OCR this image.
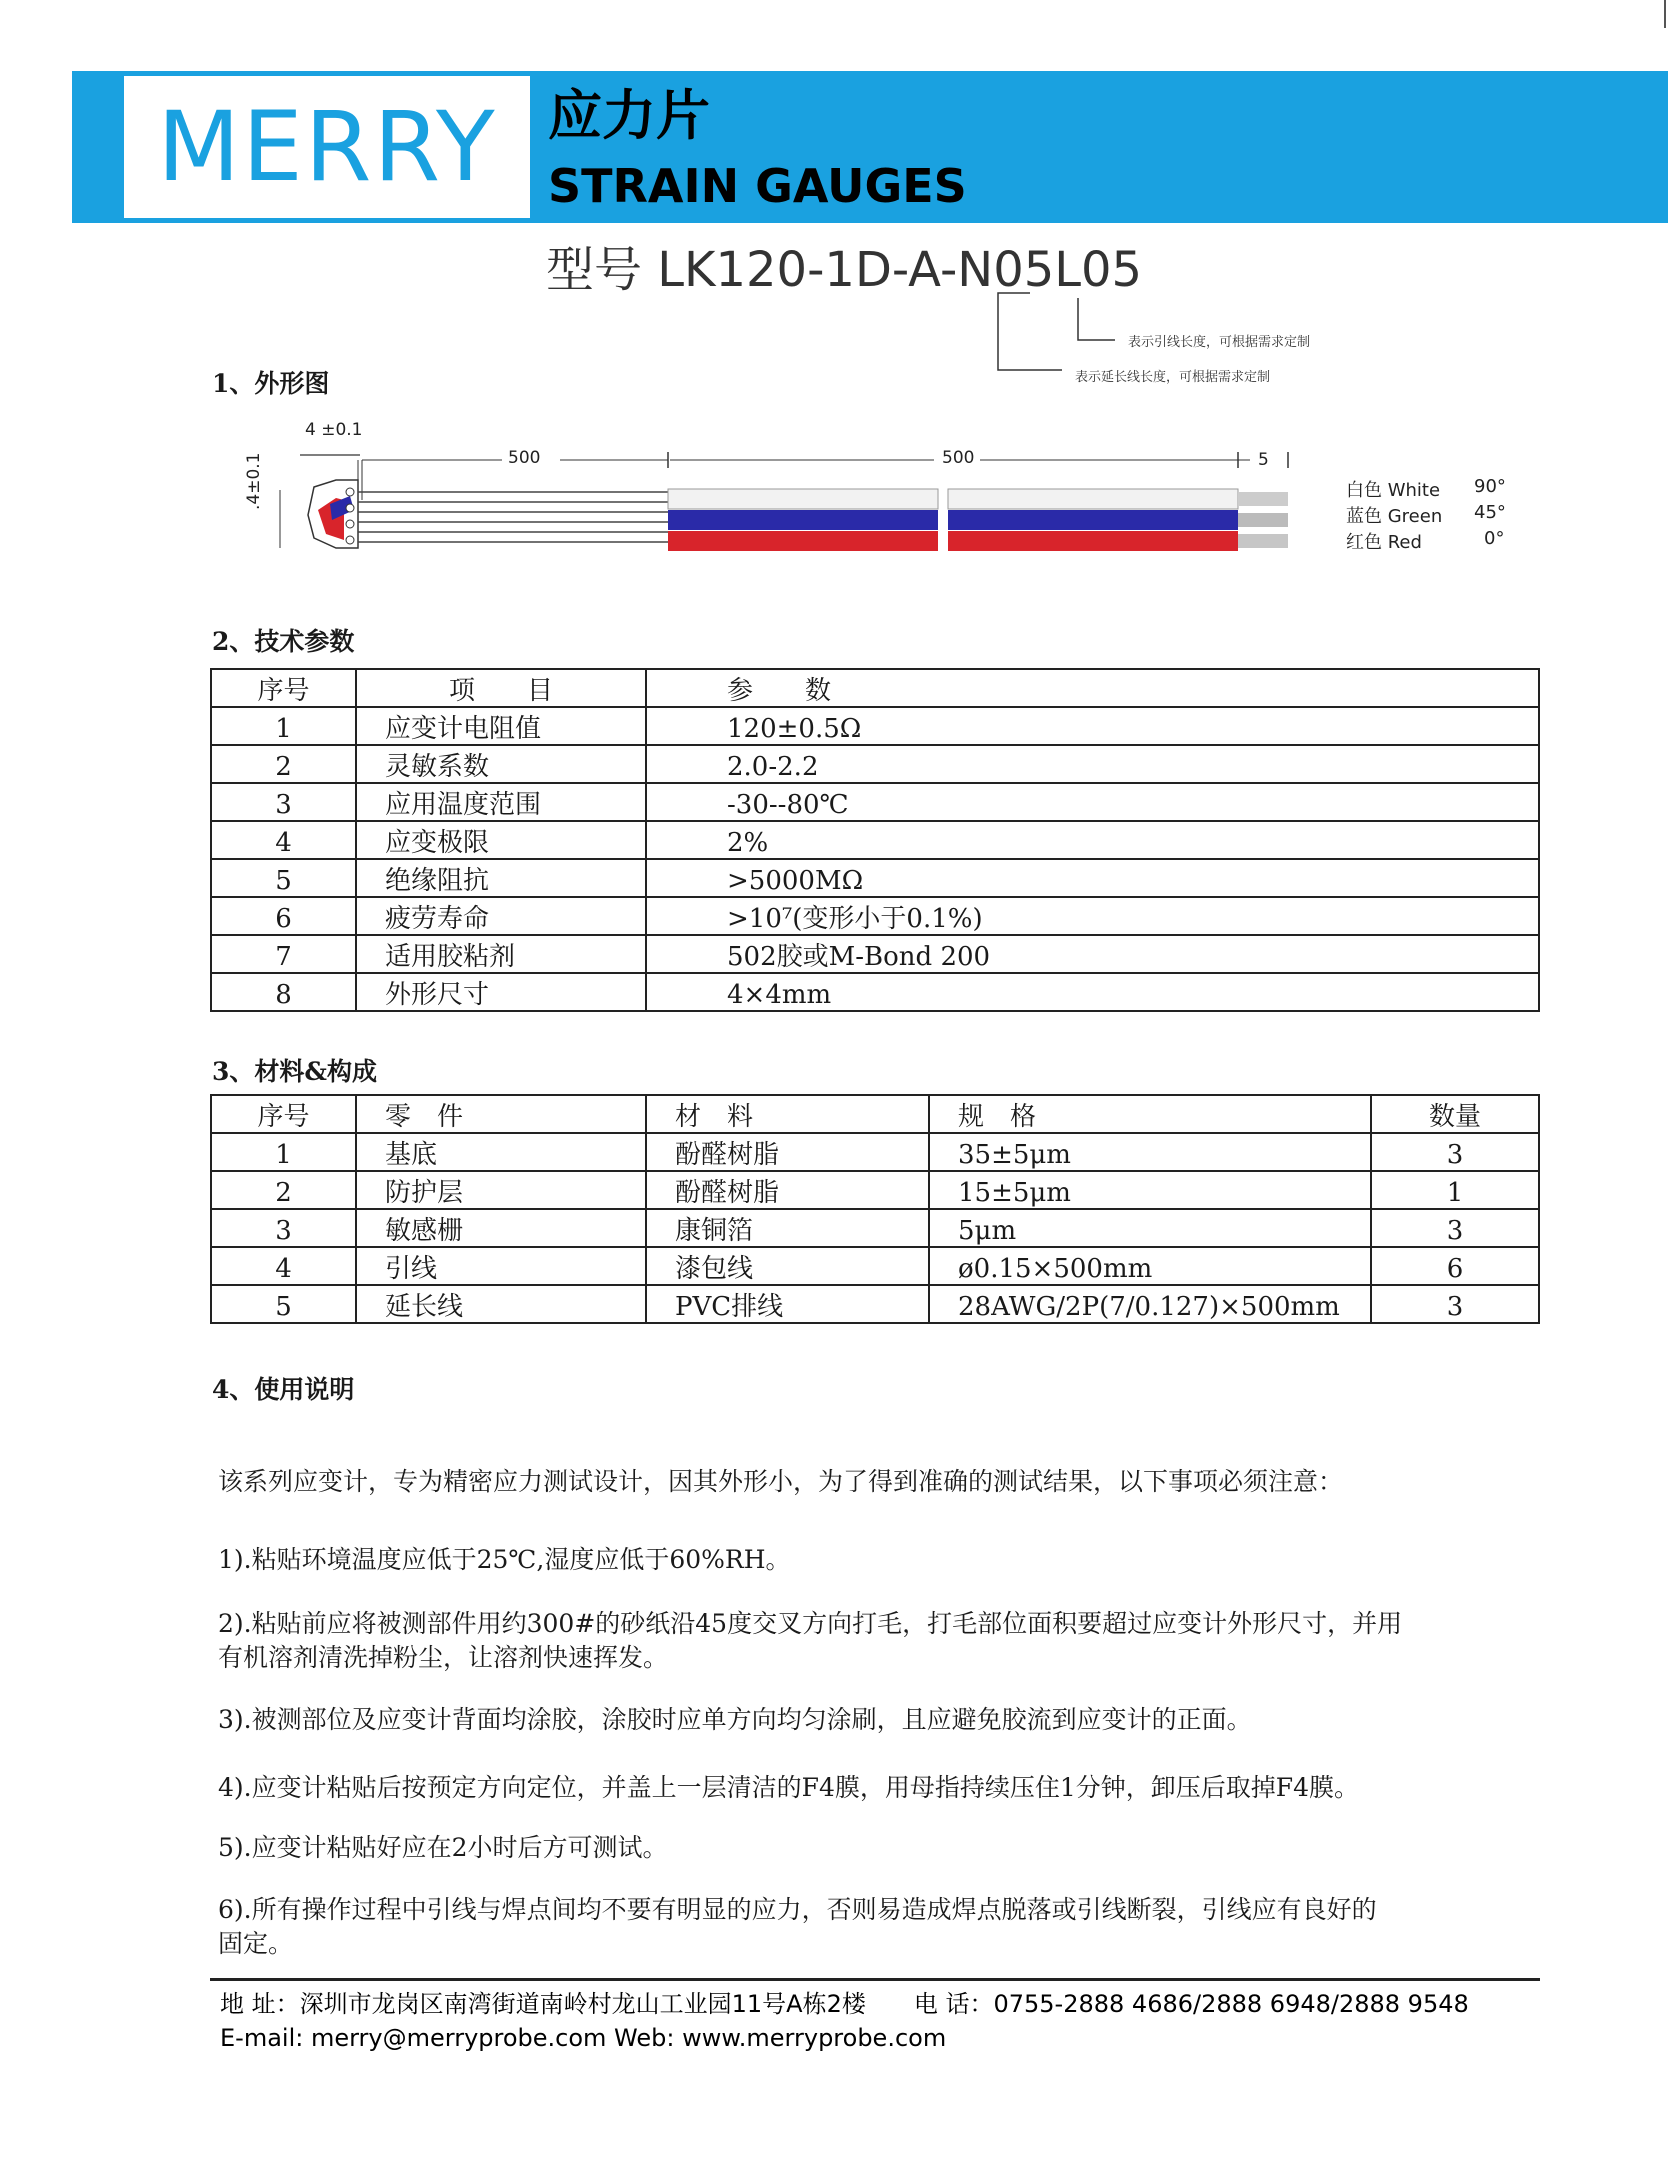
MERRY 应力片
STRAIN GAUGES
型号 LK120-1D-A-N05L05
表示引线长度，可根据需求定制
表示延长线长度，可根据需求定制
1、外形图
4 ±0.1
500	500	5
.4±0.1	白色 White 90°
蓝色 Green 45°
红色 Red	0°
2、技术参数
序号	项　　目	参　　数
1	应变计电阻值	120±0.5Ω
2	灵敏系数	2.0-2.2
3	应用温度范围	-30--80℃
4	应变极限	2%
5	绝缘阻抗	>5000MΩ
6	疲劳寿命	>10⁷(变形小于0.1%)
7	适用胶粘剂	502胶或M-Bond 200
8	外形尺寸	4×4mm
3、材料&构成
序号	零　件	材　料	规　格	数量
1	基底	酚醛树脂	35±5μm	3
2	防护层	酚醛树脂	15±5μm	1
3	敏感栅	康铜箔	5μm	3
4	引线	漆包线	ø0.15×500mm	6
5	延长线	PVC排线	28AWG/2P(7/0.127)×500mm	3
4、使用说明
该系列应变计，专为精密应力测试设计，因其外形小，为了得到准确的测试结果，以下事项必须注意：
1).粘贴环境温度应低于25℃,湿度应低于60%RH。
2).粘贴前应将被测部件用约300#的砂纸沿45度交叉方向打毛，打毛部位面积要超过应变计外形尺寸，并用
有机溶剂清洗掉粉尘，让溶剂快速挥发。
3).被测部位及应变计背面均涂胶，涂胶时应单方向均匀涂刷，且应避免胶流到应变计的正面。
4).应变计粘贴后按预定方向定位，并盖上一层清洁的F4膜，用母指持续压住1分钟，卸压后取掉F4膜。
5).应变计粘贴好应在2小时后方可测试。
6).所有操作过程中引线与焊点间均不要有明显的应力，否则易造成焊点脱落或引线断裂，引线应有良好的
固定。
地 址：深圳市龙岗区南湾街道南岭村龙山工业园11号A栋2楼　　电 话：0755-2888 4686/2888 6948/2888 9548
E-mail: merry@merryprobe.com Web: www.merryprobe.com
